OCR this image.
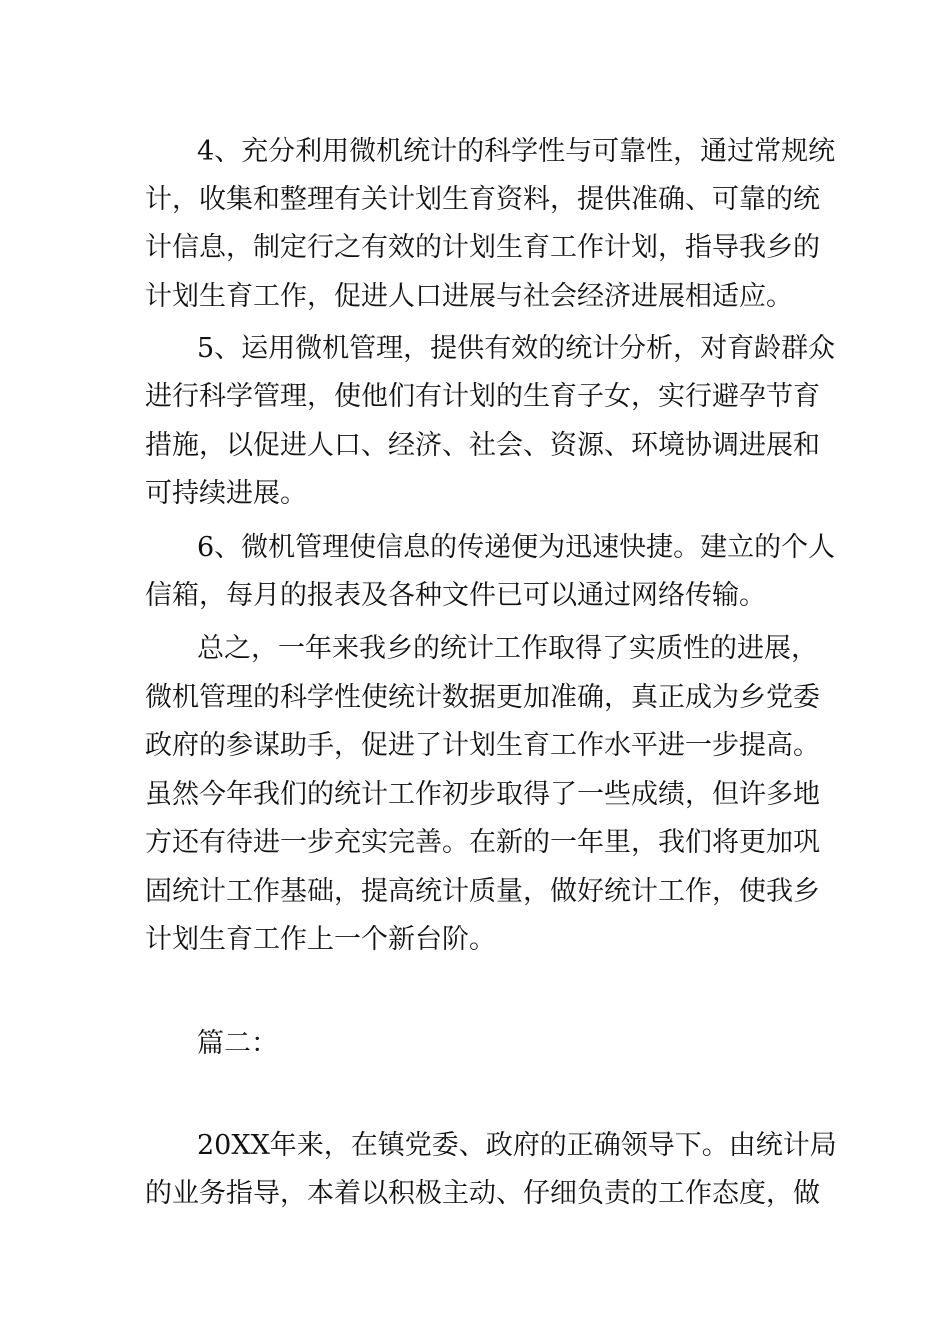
4、充分利用微机统计的科学性与可靠性，通过常规统
计，收集和整理有关计划生育资料，提供准确、可靠的统
计信息，制定行之有效的计划生育工作计划，指导我乡的
计划生育工作，促进人口进展与社会经济进展相适应。
5、运用微机管理，提供有效的统计分析，对育龄群众
进行科学管理，使他们有计划的生育子女，实行避孕节育
措施，以促进人口、经济、社会、资源、环境协调进展和
可持续进展。
6、微机管理使信息的传递便为迅速快捷。建立的个人
信箱，每月的报表及各种文件已可以通过网络传输。
总之，一年来我乡的统计工作取得了实质性的进展，
微机管理的科学性使统计数据更加准确，真正成为乡党委
政府的参谋助手，促进了计划生育工作水平进一步提高。
虽然今年我们的统计工作初步取得了一些成绩，但许多地
方还有待进一步充实完善。在新的一年里，我们将更加巩
固统计工作基础，提高统计质量，做好统计工作，使我乡
计划生育工作上一个新台阶。
篇二：
20XX年来，在镇党委、政府的正确领导下。由统计局
的业务指导，本着以积极主动、仔细负责的工作态度，做
